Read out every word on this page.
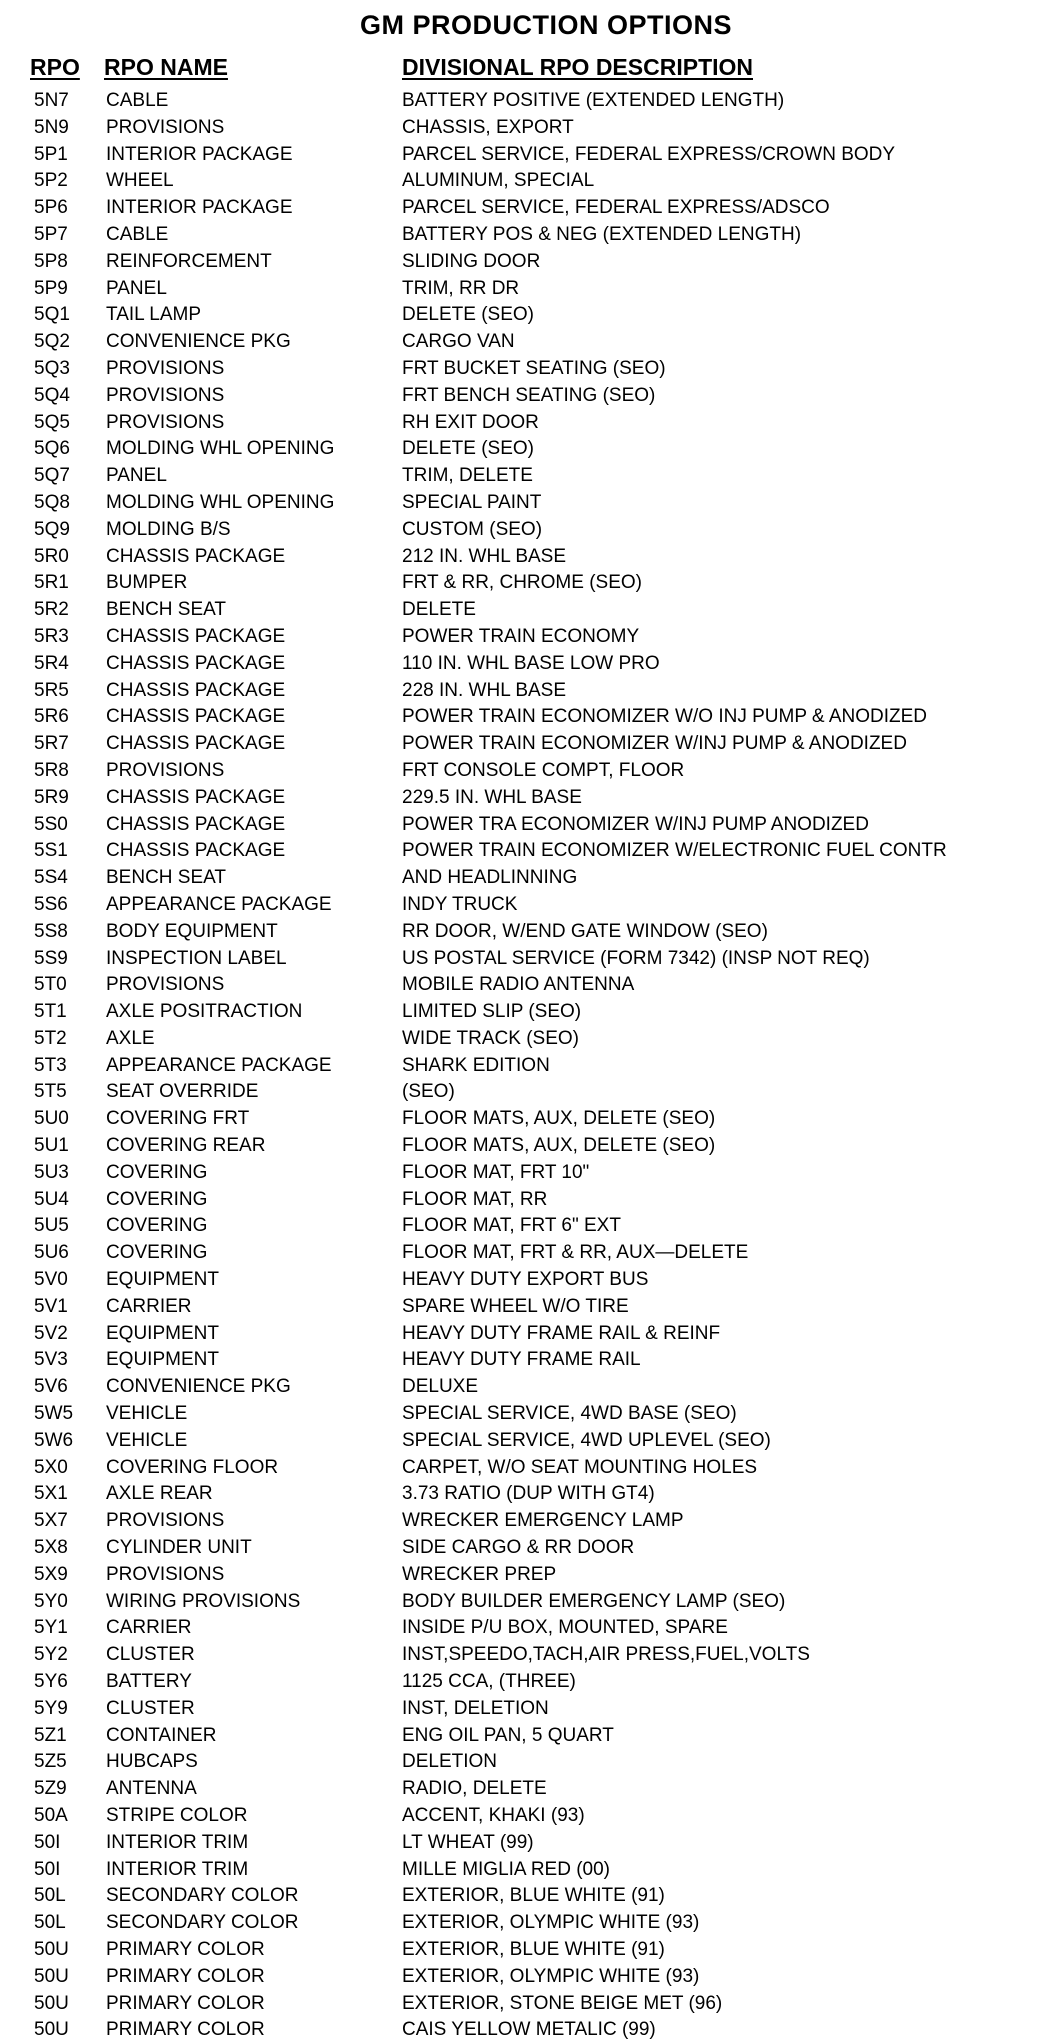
GM PRODUCTION OPTIONS
RPO RPO NAME	DIVISIONAL RPO DESCRIPTION
5N7	CABLE	BATTERY POSITIVE (EXTENDED LENGTH)
5N9	PROVISIONS	CHASSIS, EXPORT
5P1	INTERIOR PACKAGE	PARCEL SERVICE, FEDERAL EXPRESS/CROWN BODY
5P2	WHEEL	ALUMINUM, SPECIAL
5P6	INTERIOR PACKAGE	PARCEL SERVICE, FEDERAL EXPRESS/ADSCO
5P7	CABLE	BATTERY POS & NEG (EXTENDED LENGTH)
5P8	REINFORCEMENT	SLIDING DOOR
5P9	PANEL	TRIM, RR DR
5Q1	TAIL LAMP	DELETE (SEO)
5Q2	CONVENIENCE PKG	CARGO VAN
5Q3	PROVISIONS	FRT BUCKET SEATING (SEO)
5Q4	PROVISIONS	FRT BENCH SEATING (SEO)
5Q5	PROVISIONS	RH EXIT DOOR
5Q6	MOLDING WHL OPENING	DELETE (SEO)
5Q7	PANEL	TRIM, DELETE
5Q8	MOLDING WHL OPENING	SPECIAL PAINT
5Q9	MOLDING B/S	CUSTOM (SEO)
5R0	CHASSIS PACKAGE	212 IN. WHL BASE
5R1	BUMPER	FRT & RR, CHROME (SEO)
5R2	BENCH SEAT	DELETE
5R3	CHASSIS PACKAGE	POWER TRAIN ECONOMY
5R4	CHASSIS PACKAGE	110 IN. WHL BASE LOW PRO
5R5	CHASSIS PACKAGE	228 IN. WHL BASE
5R6	CHASSIS PACKAGE	POWER TRAIN ECONOMIZER W/O INJ PUMP & ANODIZED
5R7	CHASSIS PACKAGE	POWER TRAIN ECONOMIZER W/INJ PUMP & ANODIZED
5R8	PROVISIONS	FRT CONSOLE COMPT, FLOOR
5R9	CHASSIS PACKAGE	229.5 IN. WHL BASE
5S0	CHASSIS PACKAGE	POWER TRA ECONOMIZER W/INJ PUMP ANODIZED
5S1	CHASSIS PACKAGE	POWER TRAIN ECONOMIZER W/ELECTRONIC FUEL CONTR
5S4	BENCH SEAT	AND HEADLINNING
5S6	APPEARANCE PACKAGE	INDY TRUCK
5S8	BODY EQUIPMENT	RR DOOR, W/END GATE WINDOW (SEO)
5S9	INSPECTION LABEL	US POSTAL SERVICE (FORM 7342) (INSP NOT REQ)
5T0	PROVISIONS	MOBILE RADIO ANTENNA
5T1	AXLE POSITRACTION	LIMITED SLIP (SEO)
5T2	AXLE	WIDE TRACK (SEO)
5T3	APPEARANCE PACKAGE	SHARK EDITION
5T5	SEAT OVERRIDE	(SEO)
5U0	COVERING FRT	FLOOR MATS, AUX, DELETE (SEO)
5U1	COVERING REAR	FLOOR MATS, AUX, DELETE (SEO)
5U3	COVERING	FLOOR MAT, FRT 10"
5U4	COVERING	FLOOR MAT, RR
5U5	COVERING	FLOOR MAT, FRT 6" EXT
5U6	COVERING	FLOOR MAT, FRT & RR, AUX—DELETE
5V0	EQUIPMENT	HEAVY DUTY EXPORT BUS
5V1	CARRIER	SPARE WHEEL W/O TIRE
5V2	EQUIPMENT	HEAVY DUTY FRAME RAIL & REINF
5V3	EQUIPMENT	HEAVY DUTY FRAME RAIL
5V6	CONVENIENCE PKG	DELUXE
5W5	VEHICLE	SPECIAL SERVICE, 4WD BASE (SEO)
5W6	VEHICLE	SPECIAL SERVICE, 4WD UPLEVEL (SEO)
5X0	COVERING FLOOR	CARPET, W/O SEAT MOUNTING HOLES
5X1	AXLE REAR	3.73 RATIO (DUP WITH GT4)
5X7	PROVISIONS	WRECKER EMERGENCY LAMP
5X8	CYLINDER UNIT	SIDE CARGO & RR DOOR
5X9	PROVISIONS	WRECKER PREP
5Y0	WIRING PROVISIONS	BODY BUILDER EMERGENCY LAMP (SEO)
5Y1	CARRIER	INSIDE P/U BOX, MOUNTED, SPARE
5Y2	CLUSTER	INST,SPEEDO,TACH,AIR PRESS,FUEL,VOLTS
5Y6	BATTERY	1125 CCA, (THREE)
5Y9	CLUSTER	INST, DELETION
5Z1	CONTAINER	ENG OIL PAN, 5 QUART
5Z5	HUBCAPS	DELETION
5Z9	ANTENNA	RADIO, DELETE
50A	STRIPE COLOR	ACCENT, KHAKI (93)
50I	INTERIOR TRIM	LT WHEAT (99)
50I	INTERIOR TRIM	MILLE MIGLIA RED (00)
50L	SECONDARY COLOR	EXTERIOR, BLUE WHITE (91)
50L	SECONDARY COLOR	EXTERIOR, OLYMPIC WHITE (93)
50U	PRIMARY COLOR	EXTERIOR, BLUE WHITE (91)
50U	PRIMARY COLOR	EXTERIOR, OLYMPIC WHITE (93)
50U	PRIMARY COLOR	EXTERIOR, STONE BEIGE MET (96)
50U	PRIMARY COLOR	CAIS YELLOW METALIC (99)
